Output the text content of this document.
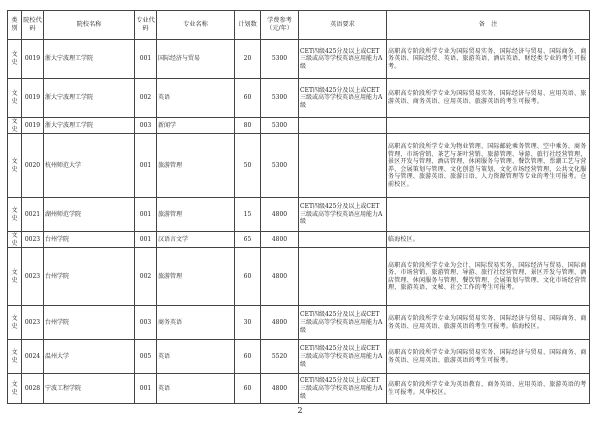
类别	院校代码	院校名称	专业代码	专业名称	计划数	学费参考（元/年）	英语要求	备　注
文史	0019	浙大宁波理工学院	001	国际经济与贸易	20	5300	CET四级425分及以上或CET三级或高等学校英语应用能力A级	高职高专阶段所学专业为国际贸易实务、国际经济与贸易、国际商务、商务英语、国际经贸、英语、旅游英语、酒店英语、财经类专业的考生可报考。
文史	0019	浙大宁波理工学院	002	英语	60	5300	CET四级425分及以上或CET三级或高等学校英语应用能力A级	高职高专阶段所学专业为国际贸易实务、国际经济与贸易、应用英语、旅游英语、商务英语、应用英语、旅游英语的考生可报考。
文史	0019	浙大宁波理工学院	003	新闻学	80	5300		
文史	0020	杭州师范大学	001	旅游管理	50	5300		高职高专阶段所学专业为物业管理、国际邮轮乘务管理、空中乘务、商务管理、市场营销、茶艺与茶叶营销、旅游管理、导游、旅行社经营管理、景区开发与管理、酒店管理、休闲服务与管理、餐饮管理、票潮工艺与营养、会展策划与管理、文化创意与策划、文化市场经营管理、公共文化服务与管理、旅游英语、旅游日语、人力资源管理等专业的考生可报考。仓前校区。
文史	0021	湖州师范学院	001	旅游管理	15	4800	CET四级425分及以上或CET三级或高等学校英语应用能力A级	
文史	0023	台州学院	001	汉语言文学	65	4800		临海校区。
文史	0023	台州学院	002	旅游管理	60	4800		高职高专阶段所学专业为会计、国际贸易实务、国际经济与贸易、国际商务、市场营销、旅游管理、导游、旅行社经营管理、景区开发与管理、酒店管理、休闲服务与管理、餐饮管理、会展策划与管理、文化市场经营管理、旅游英语、文秘、社会工作的考生可报考。
文史	0023	台州学院	003	商务英语	30	4800	CET四级425分及以上或CET三级或高等学校英语应用能力A级	高职高专阶段所学专业为国际贸易实务、国际经济与贸易、国际商务、商务英语、应用英语、旅游英语的考生可报考。临海校区。
文史	0024	温州大学	005	英语	60	5520	CET四级425分及以上或CET三级或高等学校英语应用能力A级	高职高专阶段所学专业为国际贸易实务、国际经济与贸易、国际商务、商务英语、应用英语、旅游英语的考生可报考。
文史	0028	宁波工程学院	001	英语	60	4800	CET四级425分及以上或CET三级或高等学校英语应用能力A级	高职高专阶段所学专业为英语教育、商务英语、应用英语、旅游英语的考生可报考。风华校区。
2
